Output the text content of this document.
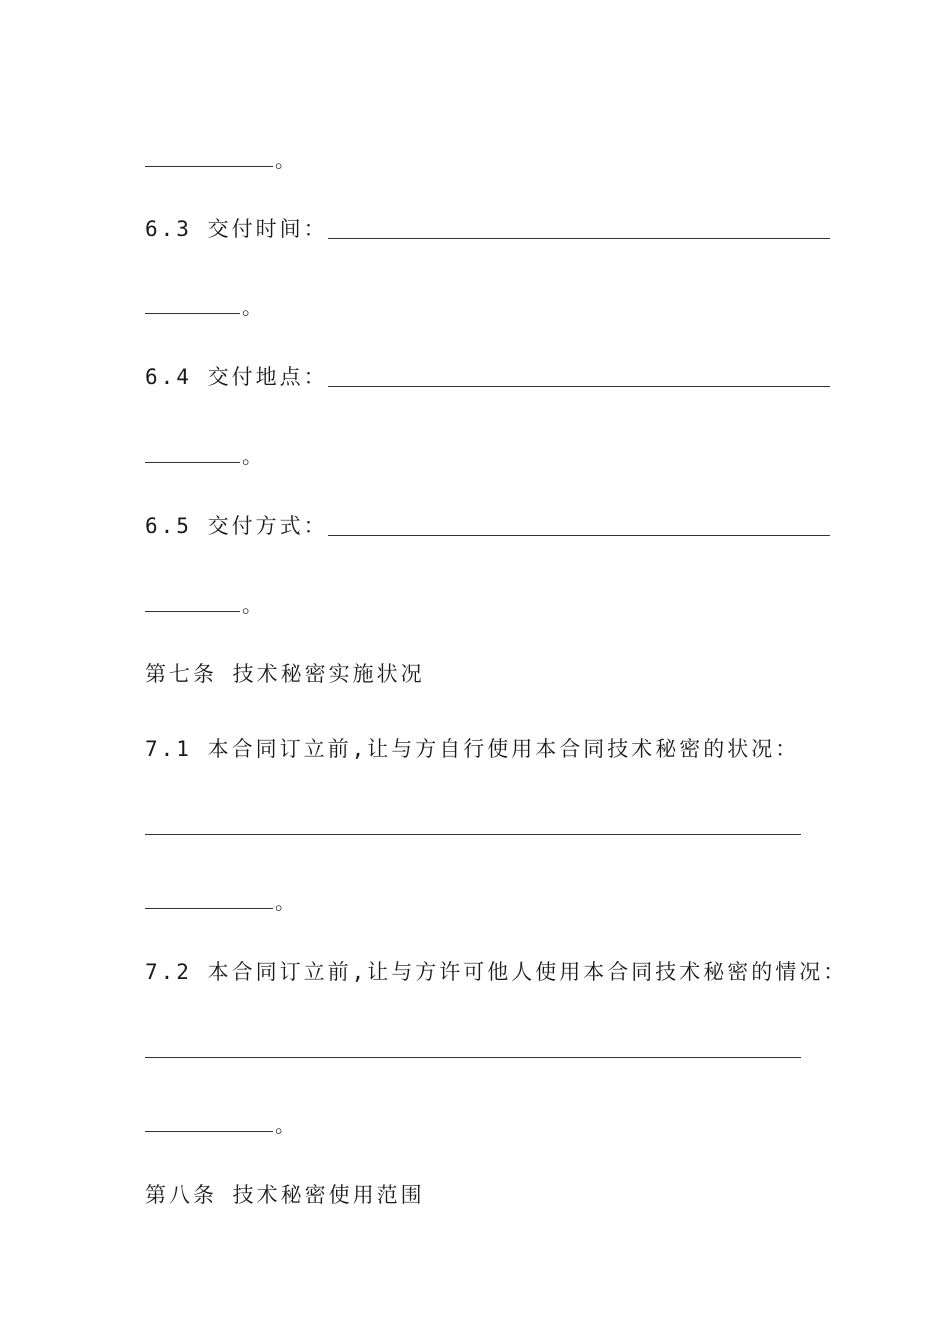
。
6.3 交付时间：
。
6.4 交付地点：
。
6.5 交付方式：
。
第七条 技术秘密实施状况
7.1 本合同订立前,让与方自行使用本合同技术秘密的状况：
。
7.2 本合同订立前,让与方许可他人使用本合同技术秘密的情况：
。
第八条 技术秘密使用范围
